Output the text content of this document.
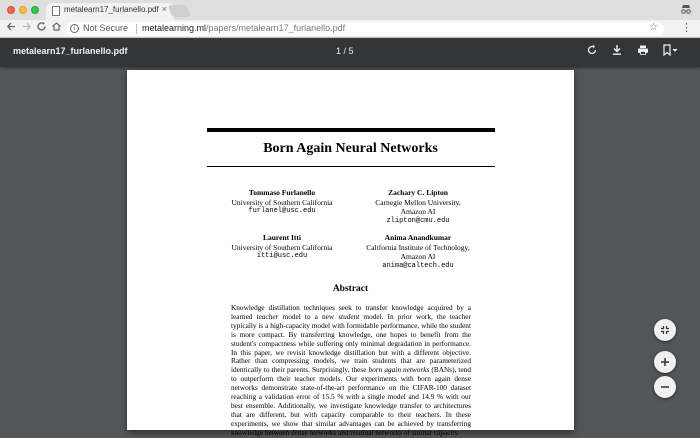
metalearn17_furlanello.pdf ×
i Not Secure metalearning.ml/papers/metalearn17_furlanello.pdf	☆ ⋮
metalearn17_furlanello.pdf	1 / 5
Born Again Neural Networks
Tommaso Furlanello
University of Southern California
furlanel@usc.edu
Zachary C. Lipton
Carnegie Mellon University,
Amazon AI
zlipton@cmu.edu
Laurent Itti
University of Southern California
itti@usc.edu
Anima Anandkumar
California Institute of Technology,
Amazon AI
anima@caltech.edu
Abstract
Knowledge distillation techniques seek to transfer knowledge acquired by a learned teacher model to a new student model. In prior work, the teacher typically is a high-capacity model with formidable performance, while the student is more compact. By transferring knowledge, one hopes to benefit from the student's compactness while suffering only minimal degradation in performance. In this paper, we revisit knowledge distillation but with a different objective. Rather than compressing models, we train students that are parameterized identically to their parents. Surprisingly, these born again networks (BANs), tend to outperform their teacher models. Our experiments with born again dense networks demonstrate state-of-the-art performance on the CIFAR-100 dataset reaching a validation error of 15.5 % with a single model and 14.9 % with our best ensemble. Additionally, we investigate knowledge transfer to architectures that are different, but with capacity comparable to their teachers. In these experiments, we show that similar advantages can be achieved by transferring knowledge between dense networks and residual networks of similar capacity.
